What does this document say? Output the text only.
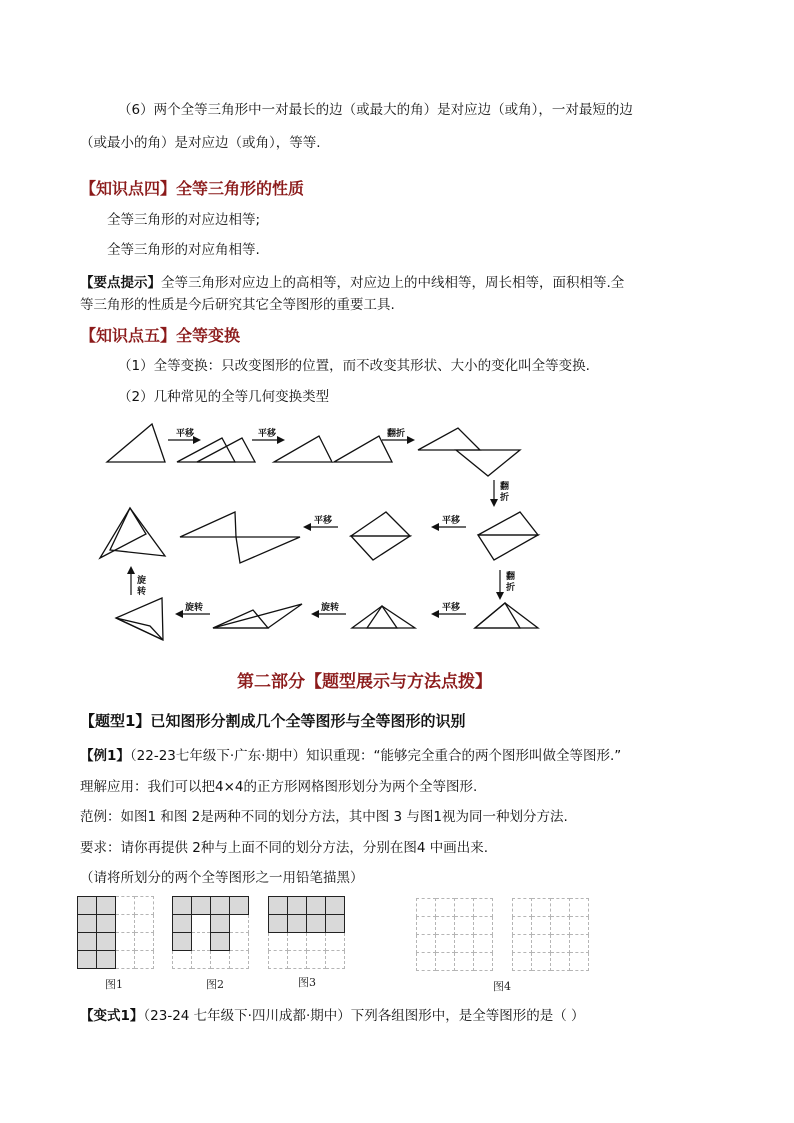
（6）两个全等三角形中一对最长的边（或最大的角）是对应边（或角），一对最短的边
（或最小的角）是对应边（或角），等等.
【知识点四】全等三角形的性质
全等三角形的对应边相等;
全等三角形的对应角相等.
【要点提示】全等三角形对应边上的高相等，对应边上的中线相等，周长相等，面积相等.全
等三角形的性质是今后研究其它全等图形的重要工具.
【知识点五】全等变换
（1）全等变换：只改变图形的位置，而不改变其形状、大小的变化叫全等变换.
（2）几种常见的全等几何变换类型
平移	平移	翻折
翻
折
平移
平移
翻
折
平移
旋转
旋转
旋
转
第二部分【题型展示与方法点拨】
【题型1】已知图形分割成几个全等图形与全等图形的识别
【例1】（22-23七年级下·广东·期中）知识重现：“能够完全重合的两个图形叫做全等图形.”
理解应用：我们可以把4×4的正方形网格图形划分为两个全等图形.
范例：如图1 和图 2是两种不同的划分方法，其中图 3 与图1视为同一种划分方法.
要求：请你再提供 2种与上面不同的划分方法，分别在图4 中画出来.
（请将所划分的两个全等图形之一用铅笔描黑）

图1

				图2

				图3

				图4
【变式1】（23-24 七年级下·四川成都·期中）下列各组图形中，是全等图形的是（ ）
